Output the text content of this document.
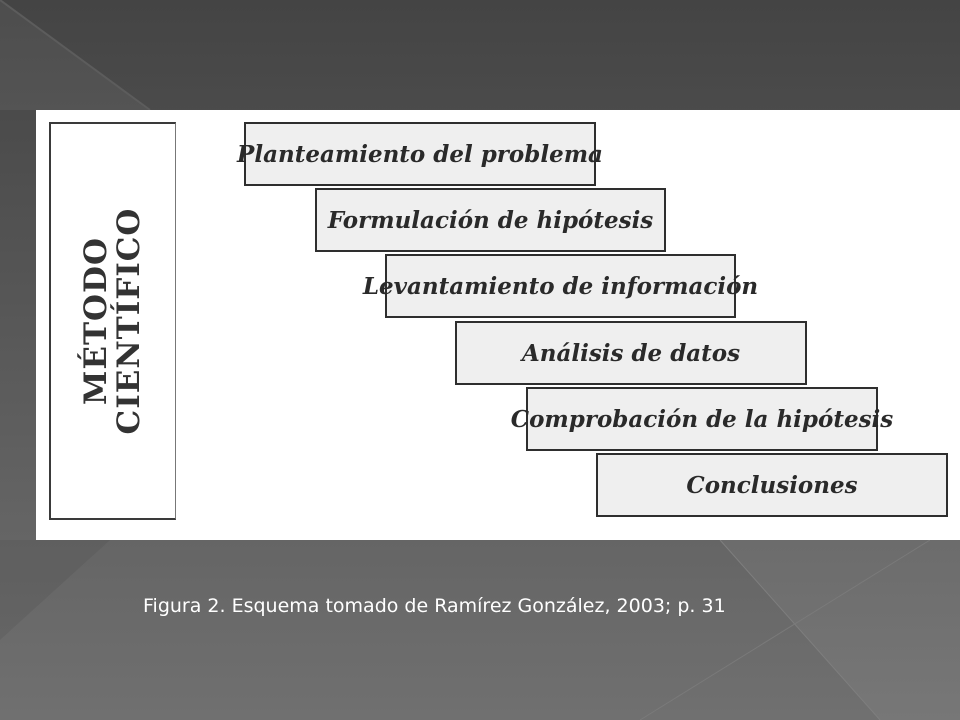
MÉTODO
CIENTÍFICO
Planteamiento del problema
Formulación de hipótesis
Levantamiento de información
Análisis de datos
Comprobación de la hipótesis
Conclusiones
Figura 2. Esquema tomado de Ramírez González, 2003; p. 31
